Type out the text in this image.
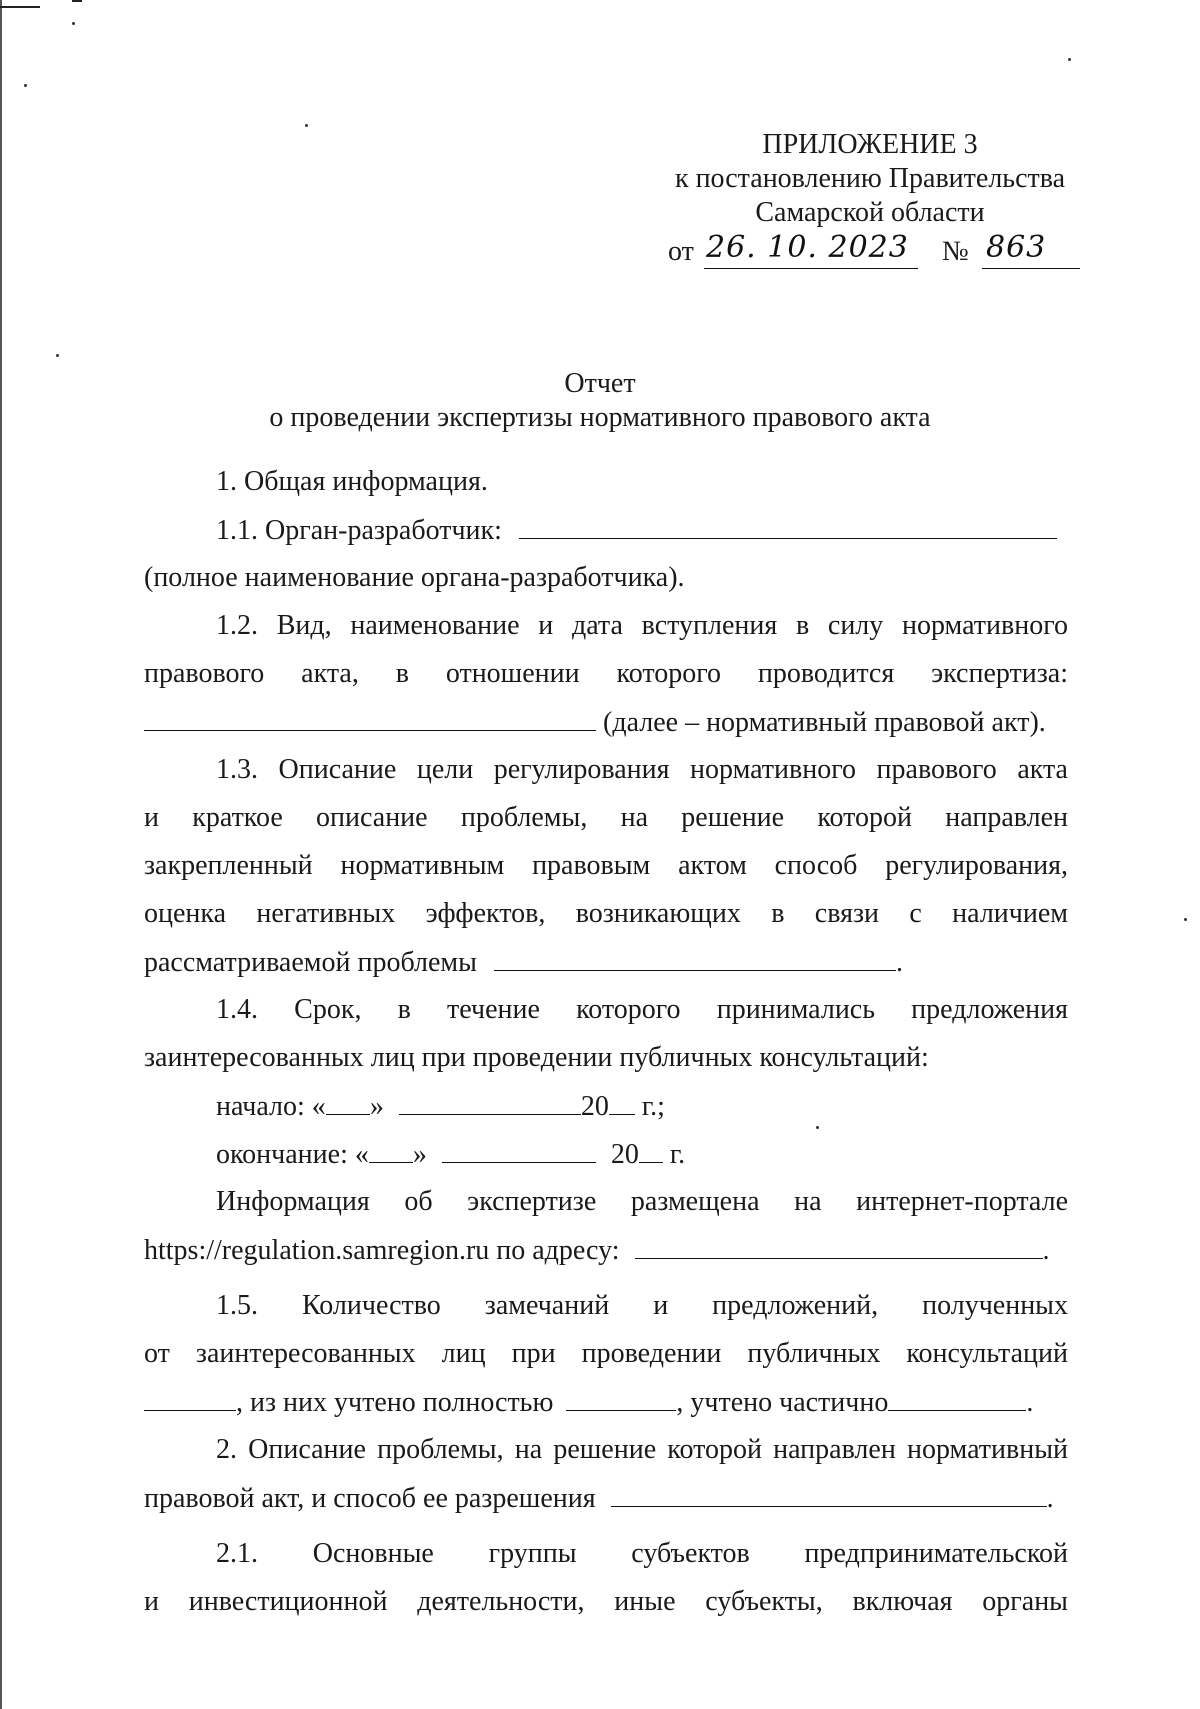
ПРИЛОЖЕНИЕ 3
к постановлению Правительства
Самарской области
от 26. 10. 2023 № 863
Отчет
о проведении экспертизы нормативного правового акта
1. Общая информация.
1.1. Орган-разработчик:
(полное наименование органа-разработчика).
1.2. Вид, наименование и дата вступления в силу нормативного
правового акта, в отношении которого проводится экспертиза:
(далее – нормативный правовой акт).
1.3. Описание цели регулирования нормативного правового акта
и краткое описание проблемы, на решение которой направлен
закрепленный нормативным правовым актом способ регулирования,
оценка негативных эффектов, возникающих в связи с наличием
рассматриваемой проблемы	.
1.4. Срок, в течение которого принимались предложения
заинтересованных лиц при проведении публичных консультаций:
начало: « »	20 г.;
окончание: « »	20 г.
Информация об экспертизе размещена на интернет-портале
https://regulation.samregion.ru по адресу:	.
1.5. Количество замечаний и предложений, полученных
от заинтересованных лиц при проведении публичных консультаций
, из них учтено полностью	, учтено частично	.
2. Описание проблемы, на решение которой направлен нормативный
правовой акт, и способ ее разрешения	.
2.1. Основные группы субъектов предпринимательской
и инвестиционной деятельности, иные субъекты, включая органы
